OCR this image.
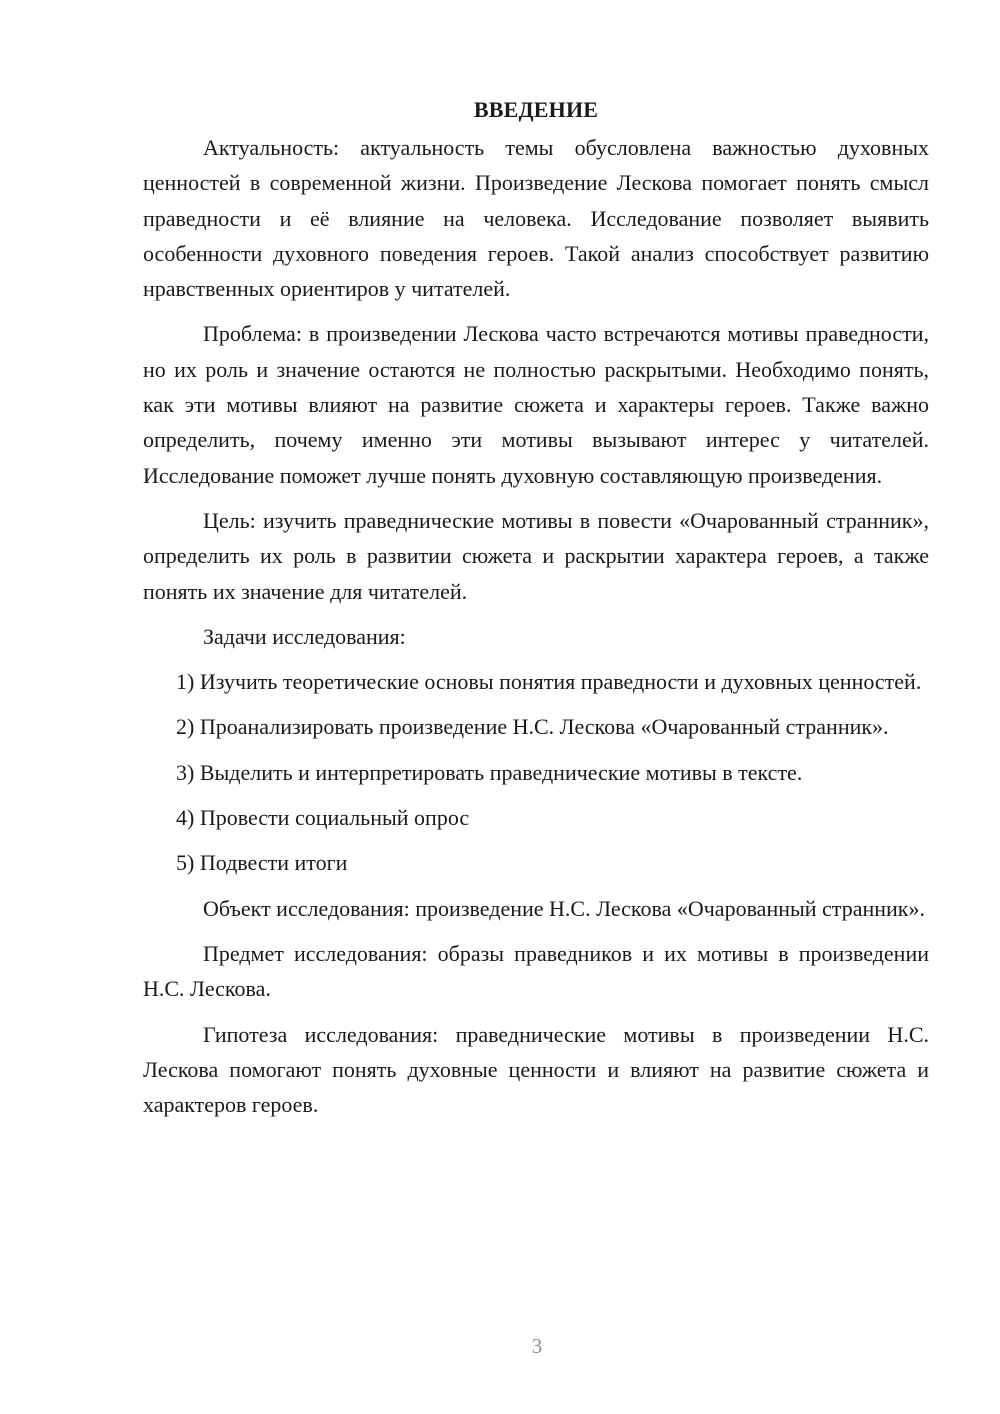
ВВЕДЕНИЕ

Актуальность: актуальность темы обусловлена важностью духовных ценностей в современной жизни. Произведение Лескова помогает понять смысл праведности и её влияние на человека. Исследование позволяет выявить особенности духовного поведения героев. Такой анализ способствует развитию нравственных ориентиров у читателей.

Проблема: в произведении Лескова часто встречаются мотивы праведности, но их роль и значение остаются не полностью раскрытыми. Необходимо понять, как эти мотивы влияют на развитие сюжета и характеры героев. Также важно определить, почему именно эти мотивы вызывают интерес у читателей. Исследование поможет лучше понять духовную составляющую произведения.

Цель: изучить праведнические мотивы в повести «Очарованный странник», определить их роль в развитии сюжета и раскрытии характера героев, а также понять их значение для читателей.

Задачи исследования:

1) Изучить теоретические основы понятия праведности и духовных ценностей.

2) Проанализировать произведение Н.С. Лескова «Очарованный странник».

3) Выделить и интерпретировать праведнические мотивы в тексте.

4) Провести социальный опрос

5) Подвести итоги

Объект исследования: произведение Н.С. Лескова «Очарованный странник».

Предмет исследования: образы праведников и их мотивы в произведении Н.С. Лескова.

Гипотеза исследования: праведнические мотивы в произведении Н.С. Лескова помогают понять духовные ценности и влияют на развитие сюжета и характеров героев.

3
